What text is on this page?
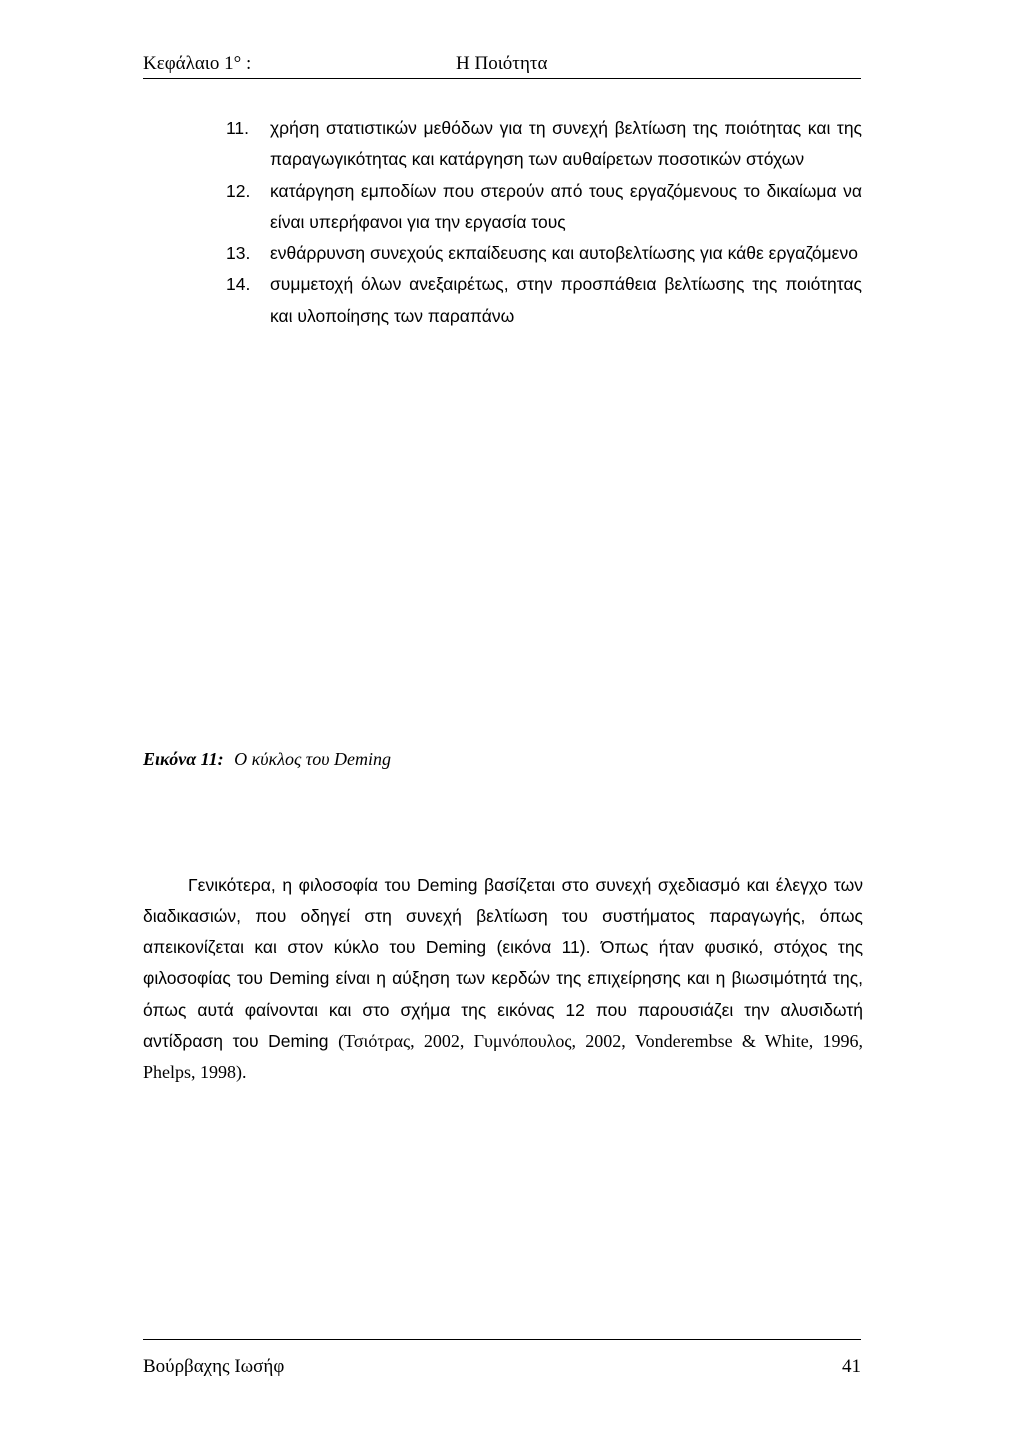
Κεφάλαιο 1° :	Η Ποιότητα
11. χρήση στατιστικών μεθόδων για τη συνεχή βελτίωση της ποιότητας και της παραγωγικότητας και κατάργηση των αυθαίρετων ποσοτικών στόχων
12. κατάργηση εμποδίων που στερούν από τους εργαζόμενους το δικαίωμα να είναι υπερήφανοι για την εργασία τους
13. ενθάρρυνση συνεχούς εκπαίδευσης και αυτοβελτίωσης για κάθε εργαζόμενο
14. συμμετοχή όλων ανεξαιρέτως, στην προσπάθεια βελτίωσης της ποιότητας και υλοποίησης των παραπάνω
Εικόνα 11: Ο κύκλος του Deming

Γενικότερα, η φιλοσοφία του Deming βασίζεται στο συνεχή σχεδιασμό και έλεγχο των διαδικασιών, που οδηγεί στη συνεχή βελτίωση του συστήματος παραγωγής, όπως απεικονίζεται και στον κύκλο του Deming (εικόνα 11). Όπως ήταν φυσικό, στόχος της φιλοσοφίας του Deming είναι η αύξηση των κερδών της επιχείρησης και η βιωσιμότητά της, όπως αυτά φαίνονται και στο σχήμα της εικόνας 12 που παρουσιάζει την αλυσιδωτή αντίδραση του Deming (Τσιότρας, 2002, Γυμνόπουλος, 2002, Vonderembse & White, 1996, Phelps, 1998).

Βούρβαχης Ιωσήφ	41
